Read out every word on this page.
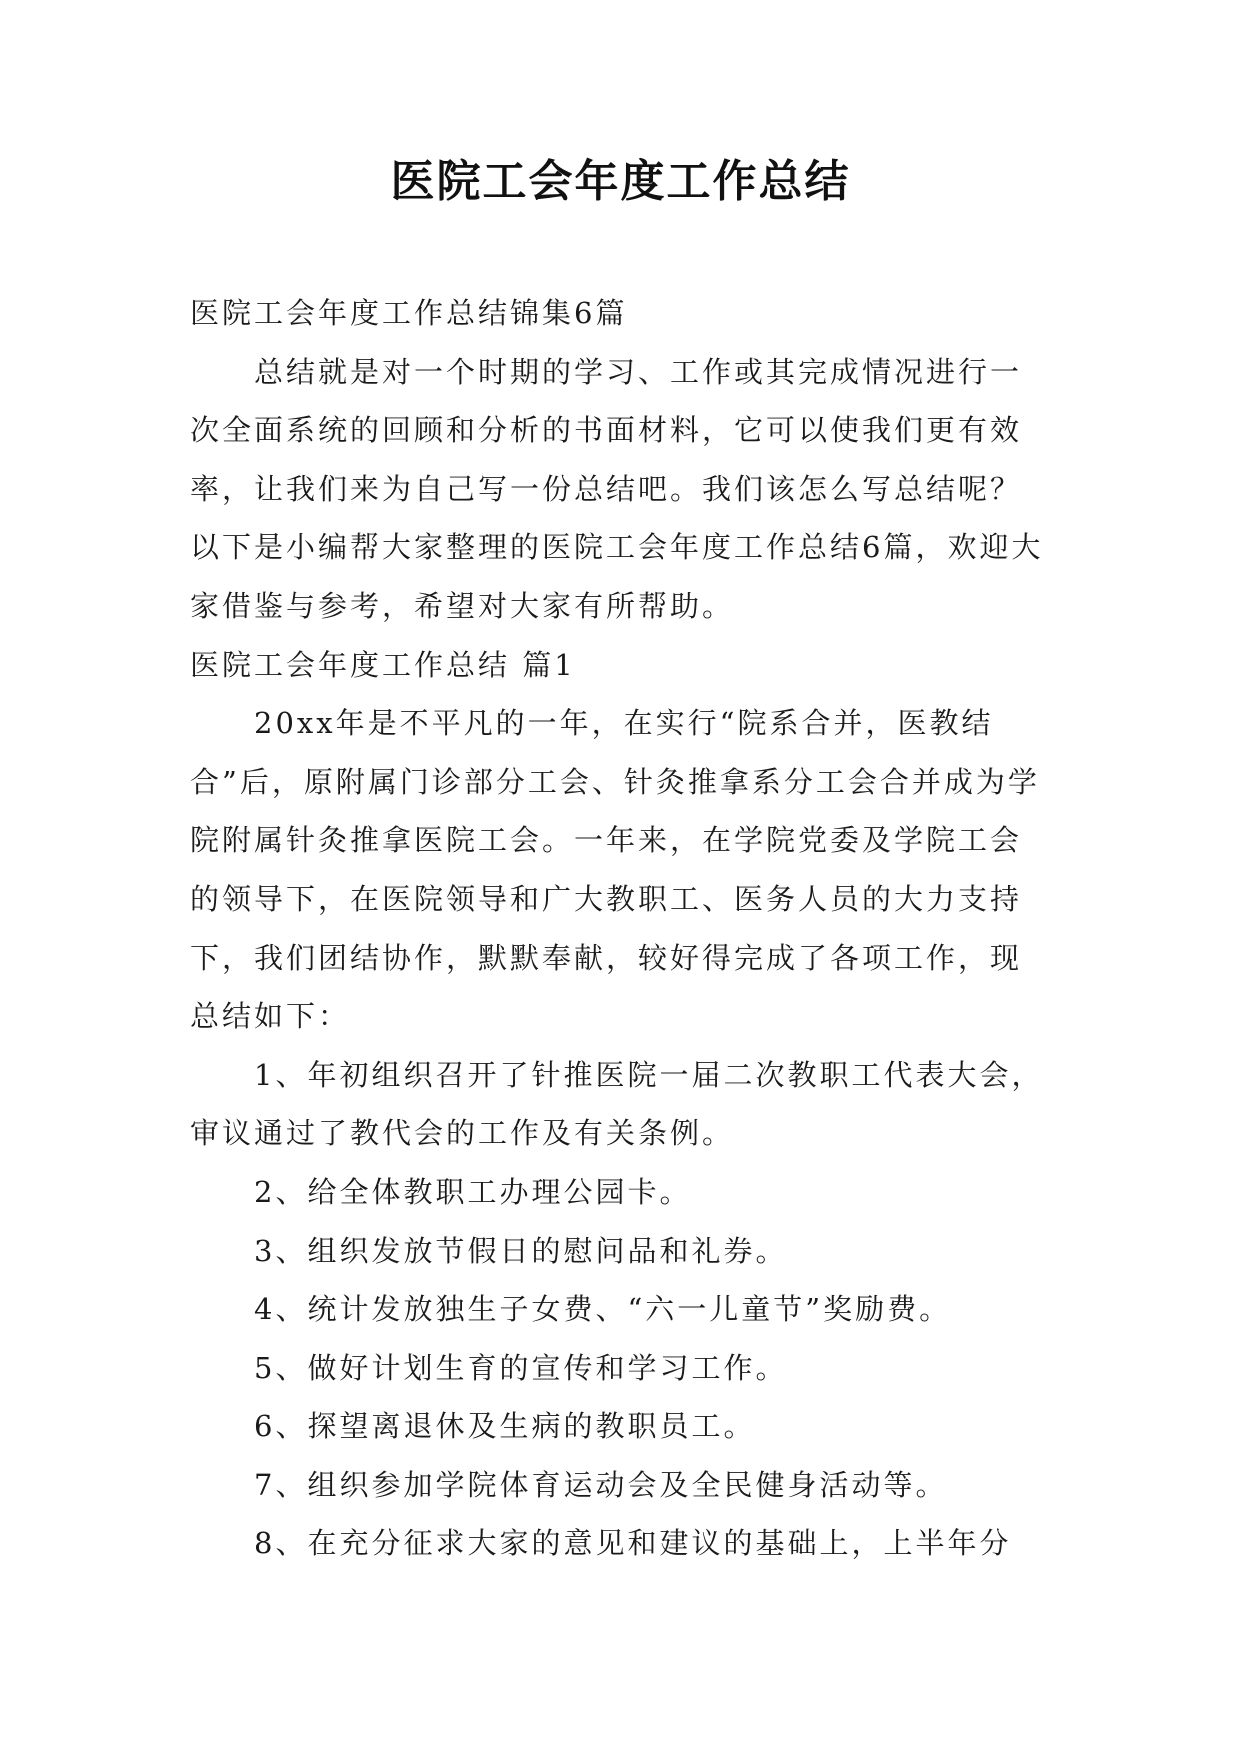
医院工会年度工作总结

医院工会年度工作总结锦集6篇

总结就是对一个时期的学习、工作或其完成情况进行一次全面系统的回顾和分析的书面材料，它可以使我们更有效率，让我们来为自己写一份总结吧。我们该怎么写总结呢？以下是小编帮大家整理的医院工会年度工作总结6篇，欢迎大家借鉴与参考，希望对大家有所帮助。

医院工会年度工作总结 篇1

20xx年是不平凡的一年，在实行“院系合并，医教结合”后，原附属门诊部分工会、针灸推拿系分工会合并成为学院附属针灸推拿医院工会。一年来，在学院党委及学院工会的领导下，在医院领导和广大教职工、医务人员的大力支持下，我们团结协作，默默奉献，较好得完成了各项工作，现总结如下：

1、年初组织召开了针推医院一届二次教职工代表大会，审议通过了教代会的工作及有关条例。

2、给全体教职工办理公园卡。

3、组织发放节假日的慰问品和礼券。

4、统计发放独生子女费、“六一儿童节”奖励费。

5、做好计划生育的宣传和学习工作。

6、探望离退休及生病的教职员工。

7、组织参加学院体育运动会及全民健身活动等。

8、在充分征求大家的意见和建议的基础上，上半年分
